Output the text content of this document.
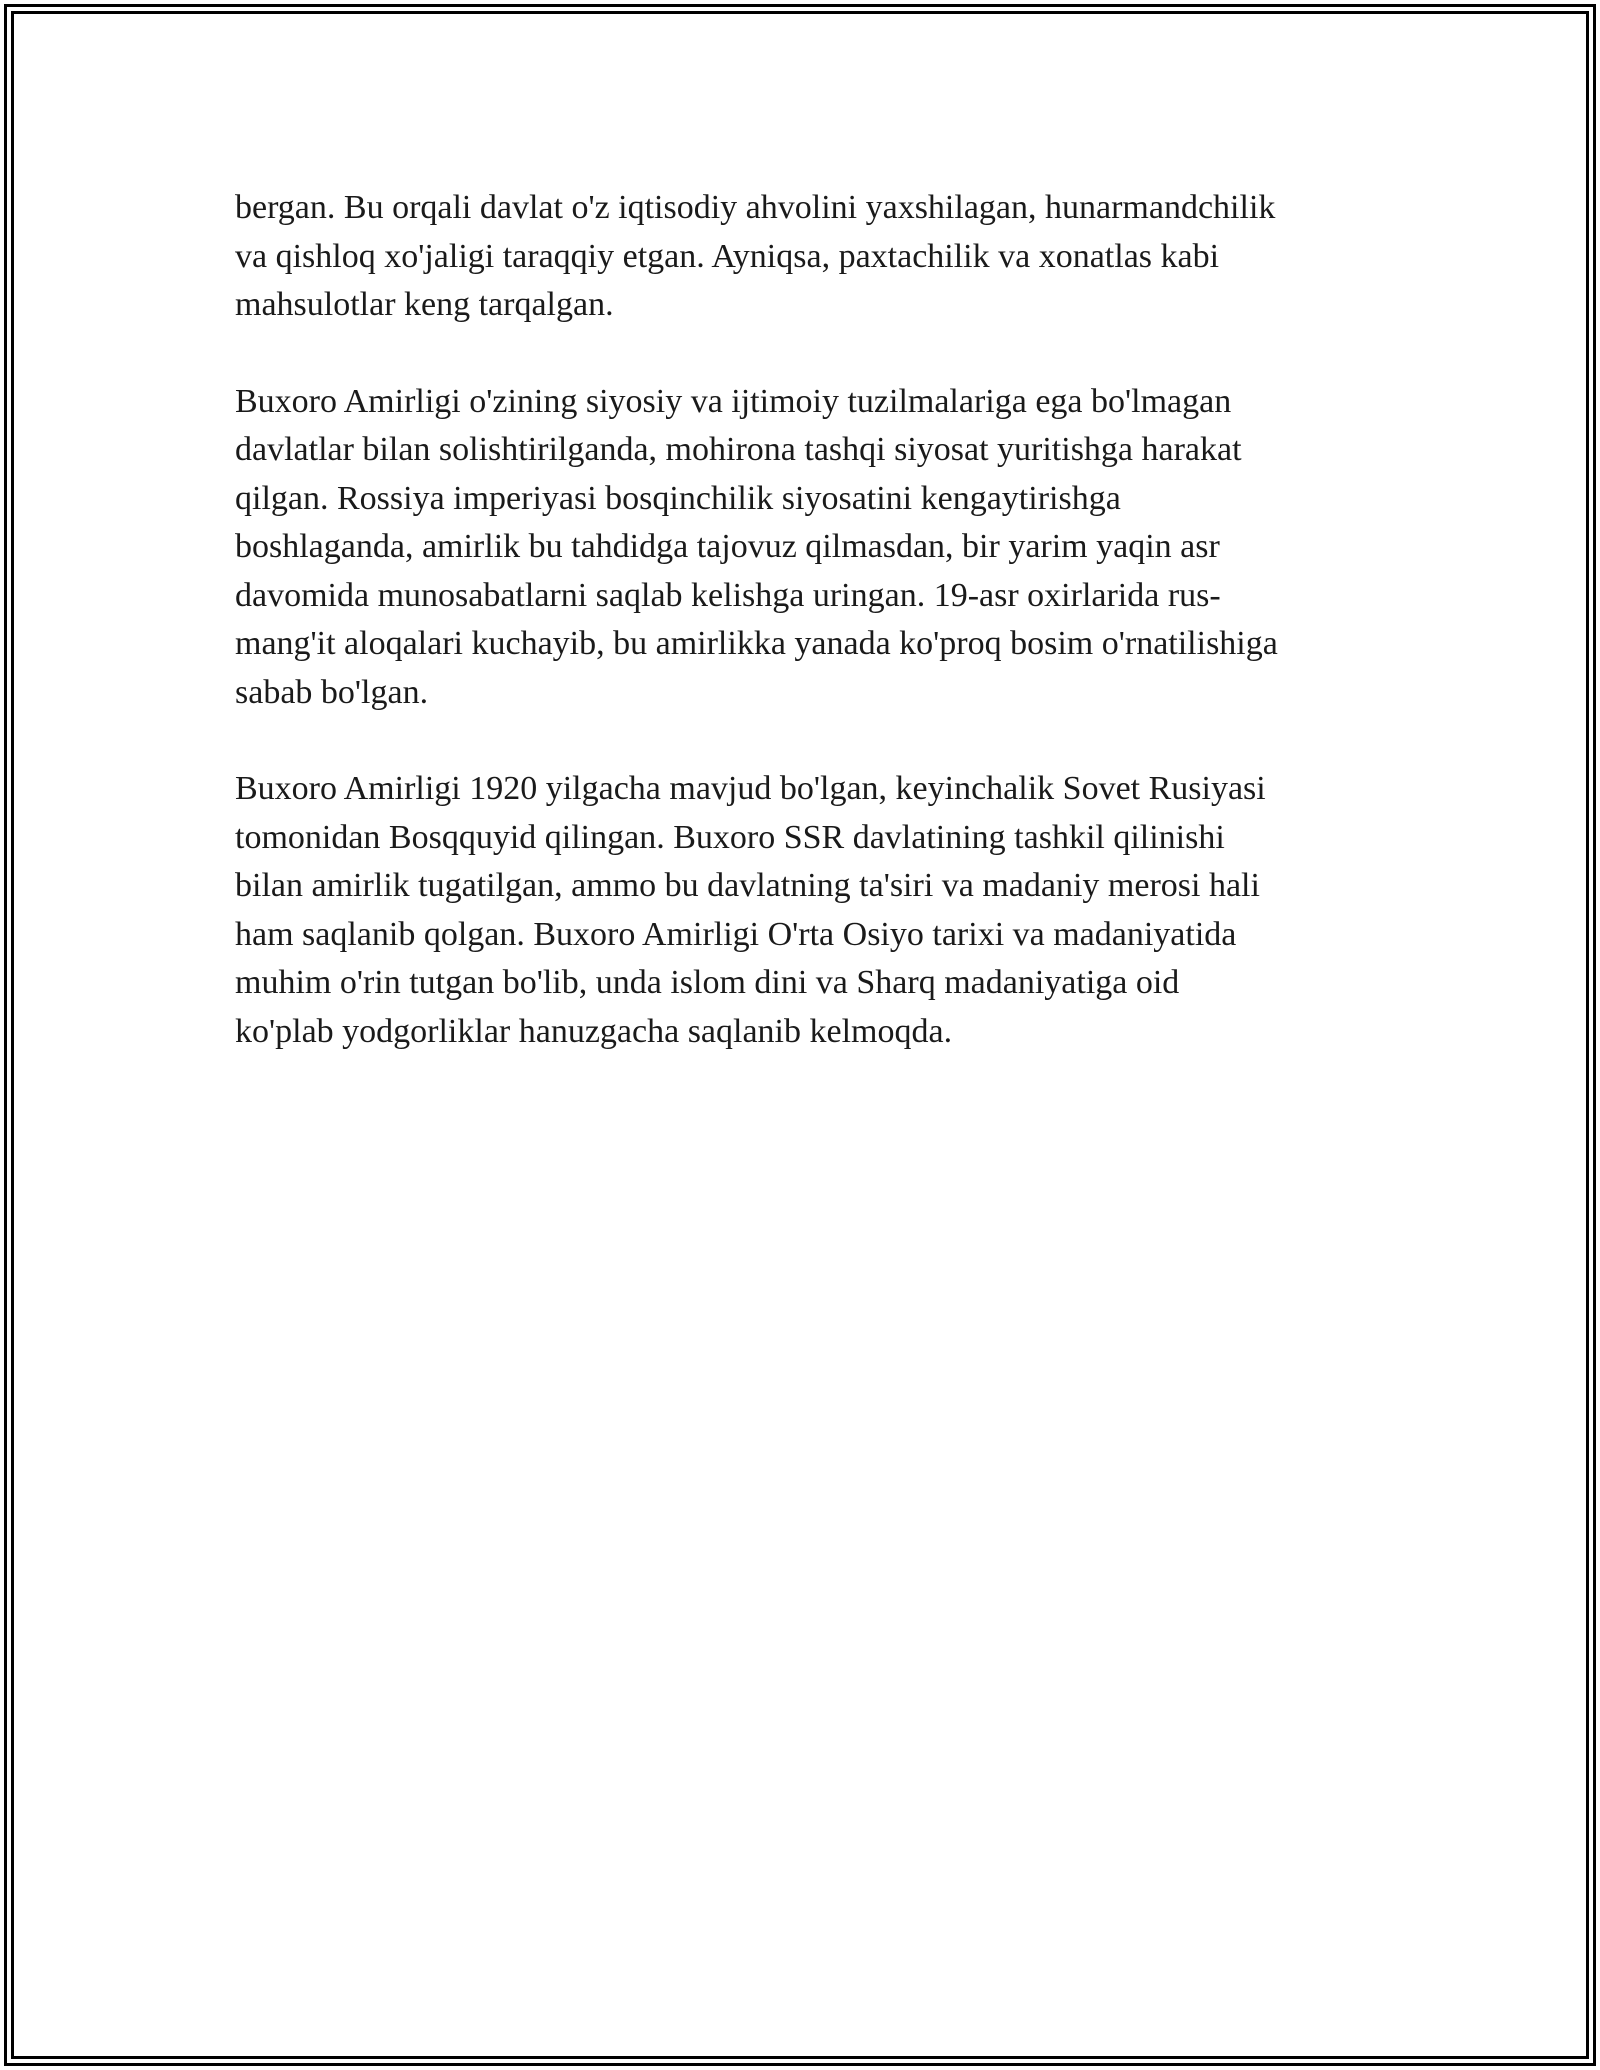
bergan. Bu orqali davlat o'z iqtisodiy ahvolini yaxshilagan, hunarmandchilik
va qishloq xo'jaligi taraqqiy etgan. Ayniqsa, paxtachilik va xonatlas kabi
mahsulotlar keng tarqalgan.

Buxoro Amirligi o'zining siyosiy va ijtimoiy tuzilmalariga ega bo'lmagan
davlatlar bilan solishtirilganda, mohirona tashqi siyosat yuritishga harakat
qilgan. Rossiya imperiyasi bosqinchilik siyosatini kengaytirishga
boshlaganda, amirlik bu tahdidga tajovuz qilmasdan, bir yarim yaqin asr
davomida munosabatlarni saqlab kelishga uringan. 19-asr oxirlarida rus-
mang'it aloqalari kuchayib, bu amirlikka yanada ko'proq bosim o'rnatilishiga
sabab bo'lgan.

Buxoro Amirligi 1920 yilgacha mavjud bo'lgan, keyinchalik Sovet Rusiyasi
tomonidan Bosqquyid qilingan. Buxoro SSR davlatining tashkil qilinishi
bilan amirlik tugatilgan, ammo bu davlatning ta'siri va madaniy merosi hali
ham saqlanib qolgan. Buxoro Amirligi O'rta Osiyo tarixi va madaniyatida
muhim o'rin tutgan bo'lib, unda islom dini va Sharq madaniyatiga oid
ko'plab yodgorliklar hanuzgacha saqlanib kelmoqda.
